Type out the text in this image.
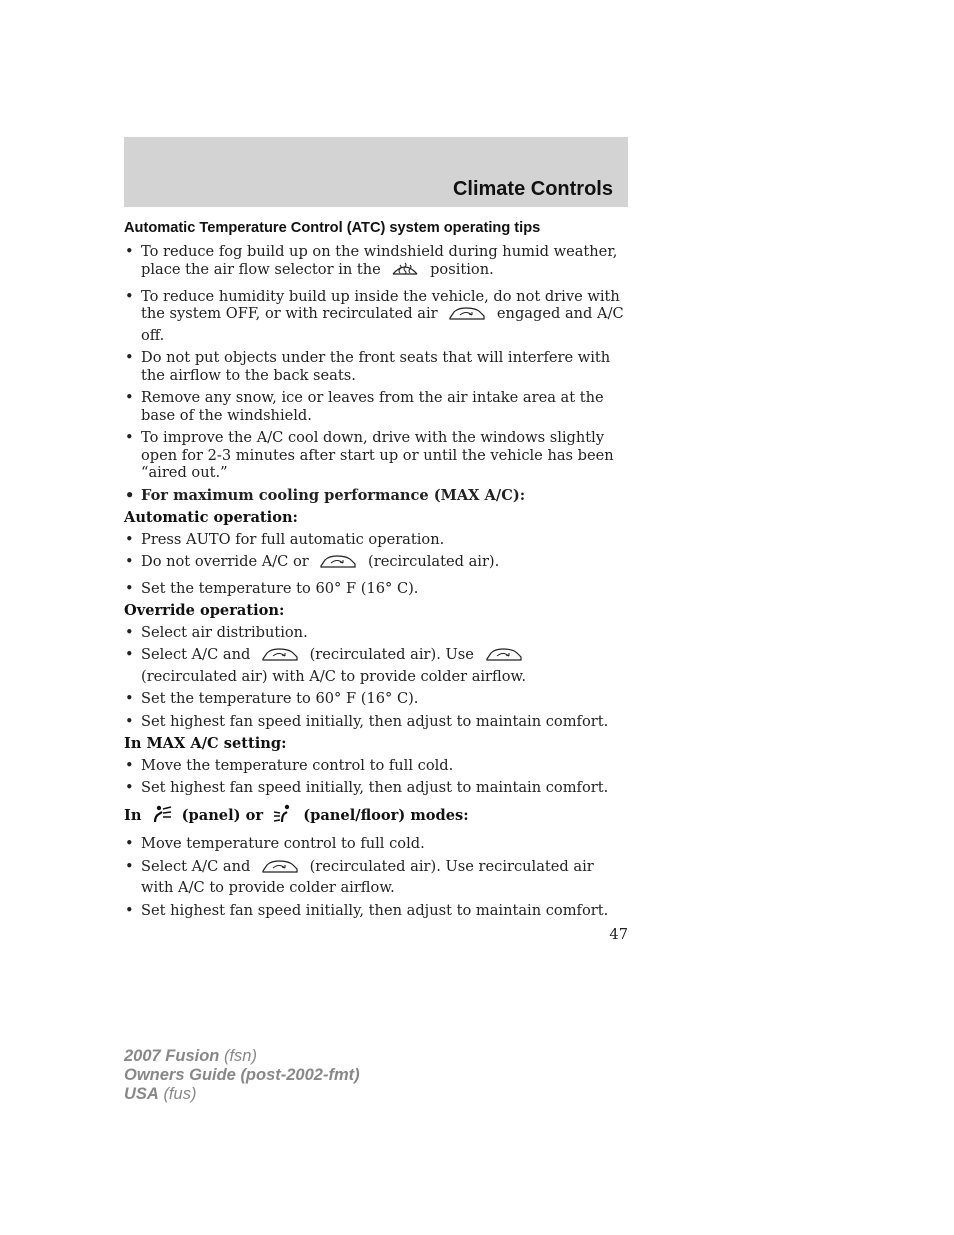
Climate Controls
Automatic Temperature Control (ATC) system operating tips
• To reduce fog build up on the windshield during humid weather, place the air flow selector in the	position.
• To reduce humidity build up inside the vehicle, do not drive with the system OFF, or with recirculated air	engaged and A/C off.
• Do not put objects under the front seats that will interfere with the airflow to the back seats.
• Remove any snow, ice or leaves from the air intake area at the base of the windshield.
• To improve the A/C cool down, drive with the windows slightly open for 2-3 minutes after start up or until the vehicle has been “aired out.”
• For maximum cooling performance (MAX A/C):
Automatic operation:
• Press AUTO for full automatic operation.
• Do not override A/C or	(recirculated air).
• Set the temperature to 60° F (16° C).
Override operation:
• Select air distribution.
• Select A/C and	(recirculated air). Use  (recirculated air) with A/C to provide colder airflow.
• Set the temperature to 60° F (16° C).
• Set highest fan speed initially, then adjust to maintain comfort.
In MAX A/C setting:
• Move the temperature control to full cold.
• Set highest fan speed initially, then adjust to maintain comfort.
In	(panel) or	(panel/floor) modes:
• Move temperature control to full cold.
• Select A/C and	(recirculated air). Use recirculated air with A/C to provide colder airflow.
• Set highest fan speed initially, then adjust to maintain comfort.
47
2007 Fusion (fsn)
Owners Guide (post-2002-fmt)
USA (fus)
